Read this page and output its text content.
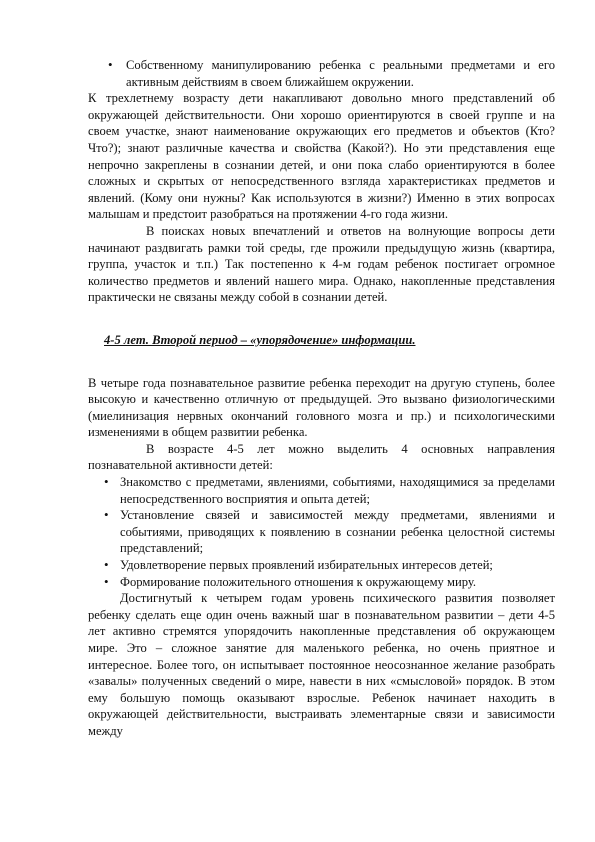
• Собственному манипулированию ребенка с реальными предметами и его активным действиям в своем ближайшем окружении.

К трехлетнему возрасту дети накапливают довольно много представлений об окружающей действительности. Они хорошо ориентируются в своей группе и на своем участке, знают наименование окружающих его предметов и объектов (Кто? Что?); знают различные качества и свойства (Какой?). Но эти представления еще непрочно закреплены в сознании детей, и они пока слабо ориентируются в более сложных и скрытых от непосредственного взгляда характеристиках предметов и явлений. (Кому они нужны? Как используются в жизни?) Именно в этих вопросах малышам и предстоит разобраться на протяжении 4-го года жизни.

В поисках новых впечатлений и ответов на волнующие вопросы дети начинают раздвигать рамки той среды, где прожили предыдущую жизнь (квартира, группа, участок и т.п.) Так постепенно к 4-м годам ребенок постигает огромное количество предметов и явлений нашего мира. Однако, накопленные представления практически не связаны между собой в сознании детей.

4-5 лет. Второй период – «упорядочение» информации.

В четыре года познавательное развитие ребенка переходит на другую ступень, более высокую и качественно отличную от предыдущей. Это вызвано физиологическими (миелинизация нервных окончаний головного мозга и пр.) и психологическими изменениями в общем развитии ребенка.

В возрасте 4-5 лет можно выделить 4 основных направления познавательной активности детей:

• Знакомство с предметами, явлениями, событиями, находящимися за пределами непосредственного восприятия и опыта детей;
• Установление связей и зависимостей между предметами, явлениями и событиями, приводящих к появлению в сознании ребенка целостной системы представлений;
• Удовлетворение первых проявлений избирательных интересов детей;
• Формирование положительного отношения к окружающему миру.

Достигнутый к четырем годам уровень психического развития позволяет ребенку сделать еще один очень важный шаг в познавательном развитии – дети 4-5 лет активно стремятся упорядочить накопленные представления об окружающем мире. Это – сложное занятие для маленького ребенка, но очень приятное и интересное. Более того, он испытывает постоянное неосознанное желание разобрать «завалы» полученных сведений о мире, навести в них «смысловой» порядок. В этом ему большую помощь оказывают взрослые. Ребенок начинает находить в окружающей действительности, выстраивать элементарные связи и зависимости между
